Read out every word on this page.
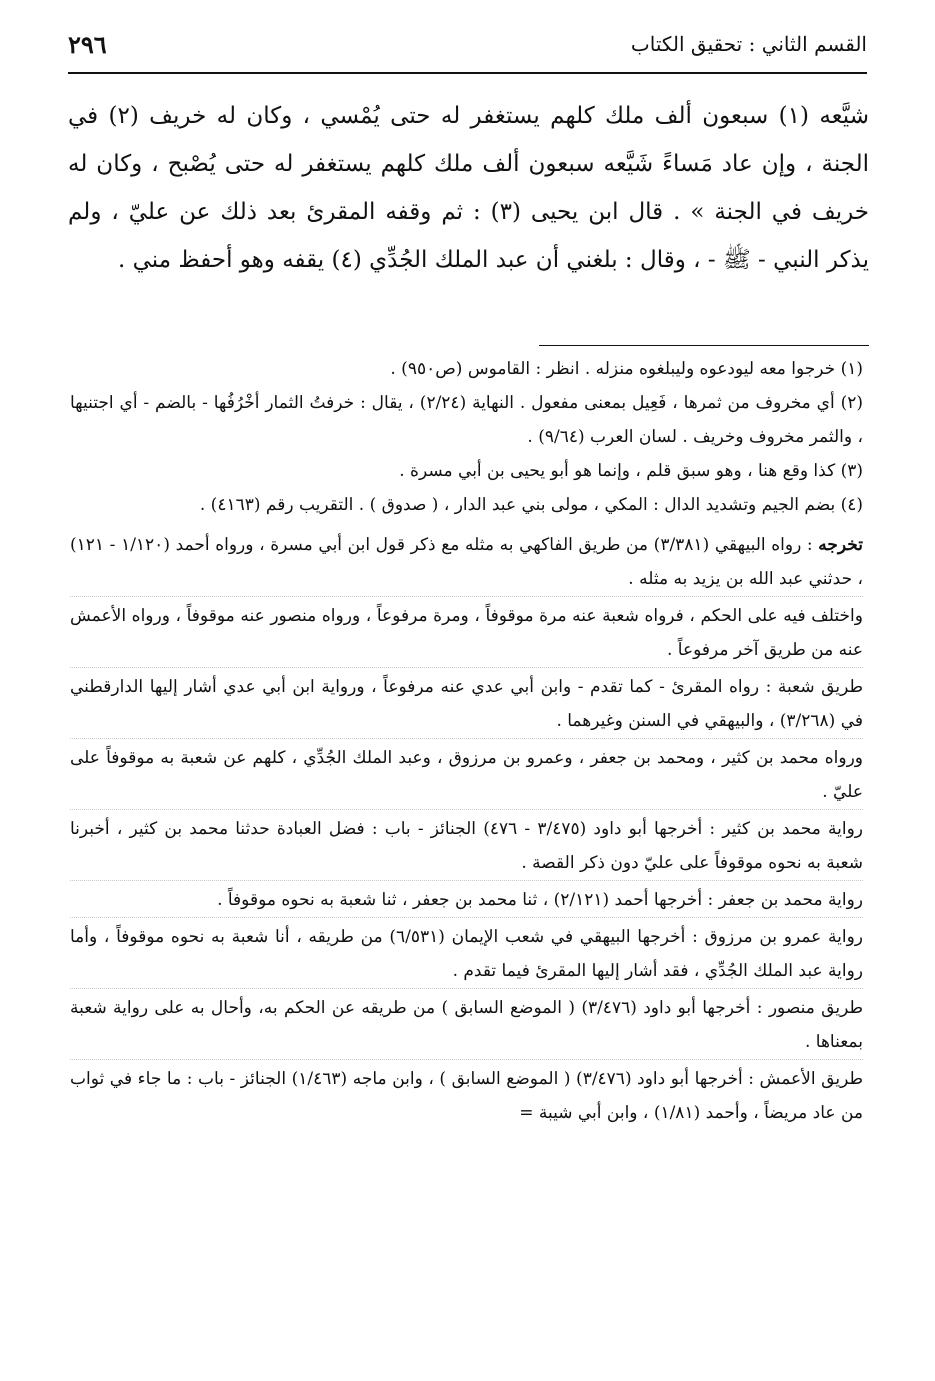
القسم الثاني : تحقيق الكتاب
٢٩٦

شيَّعه (١) سبعون ألف ملك كلهم يستغفر له حتى يُمْسي ، وكان له خريف (٢) في الجنة ، وإن عاد مَساءً شَيَّعه سبعون ألف ملك كلهم يستغفر له حتى يُصْبح ، وكان له خريف في الجنة » . قال ابن يحيى (٣) : ثم وقفه المقرئ بعد ذلك عن عليّ ، ولم يذكر النبي - ﷺ - ، وقال : بلغني أن عبد الملك الجُدِّي (٤) يقفه وهو أحفظ مني .

(١) خرجوا معه ليودعوه وليبلغوه منزله . انظر : القاموس (ص٩٥٠) .

(٢) أي مخروف من ثمرها ، فَعِيل بمعنى مفعول . النهاية (٢/٢٤) ، يقال : خرفتُ الثمار أخْرُفُها - بالضم - أي اجتنيها ، والثمر مخروف وخريف . لسان العرب (٩/٦٤) .

(٣) كذا وقع هنا ، وهو سبق قلم ، وإنما هو أبو يحيى بن أبي مسرة .

(٤) بضم الجيم وتشديد الدال : المكي ، مولى بني عبد الدار ، ( صدوق ) . التقريب رقم (٤١٦٣) .

تخرجه : رواه البيهقي (٣/٣٨١) من طريق الفاكهي به مثله مع ذكر قول ابن أبي مسرة ، ورواه أحمد (١/١٢٠ - ١٢١) ، حدثني عبد الله بن يزيد به مثله .

واختلف فيه على الحكم ، فرواه شعبة عنه مرة موقوفاً ، ومرة مرفوعاً ، ورواه منصور عنه موقوفاً ، ورواه الأعمش عنه من طريق آخر مرفوعاً .

طريق شعبة : رواه المقرئ - كما تقدم - وابن أبي عدي عنه مرفوعاً ، ورواية ابن أبي عدي أشار إليها الدارقطني في (٣/٢٦٨) ، والبيهقي في السنن وغيرهما .

ورواه محمد بن كثير ، ومحمد بن جعفر ، وعمرو بن مرزوق ، وعبد الملك الجُدِّي ، كلهم عن شعبة به موقوفاً على عليّ .

رواية محمد بن كثير : أخرجها أبو داود (٣/٤٧٥ - ٤٧٦) الجنائز - باب : فضل العبادة حدثنا محمد بن كثير ، أخبرنا شعبة به نحوه موقوفاً على عليّ دون ذكر القصة .

رواية محمد بن جعفر : أخرجها أحمد (٢/١٢١) ، ثنا محمد بن جعفر ، ثنا شعبة به نحوه موقوفاً .

رواية عمرو بن مرزوق : أخرجها البيهقي في شعب الإيمان (٦/٥٣١) من طريقه ، أنا شعبة به نحوه موقوفاً ، وأما رواية عبد الملك الجُدِّي ، فقد أشار إليها المقرئ فيما تقدم .

طريق منصور : أخرجها أبو داود (٣/٤٧٦) ( الموضع السابق ) من طريقه عن الحكم به، وأحال به على رواية شعبة بمعناها .

طريق الأعمش : أخرجها أبو داود (٣/٤٧٦) ( الموضع السابق ) ، وابن ماجه (١/٤٦٣) الجنائز - باب : ما جاء في ثواب من عاد مريضاً ، وأحمد (١/٨١) ، وابن أبي شيبة =
